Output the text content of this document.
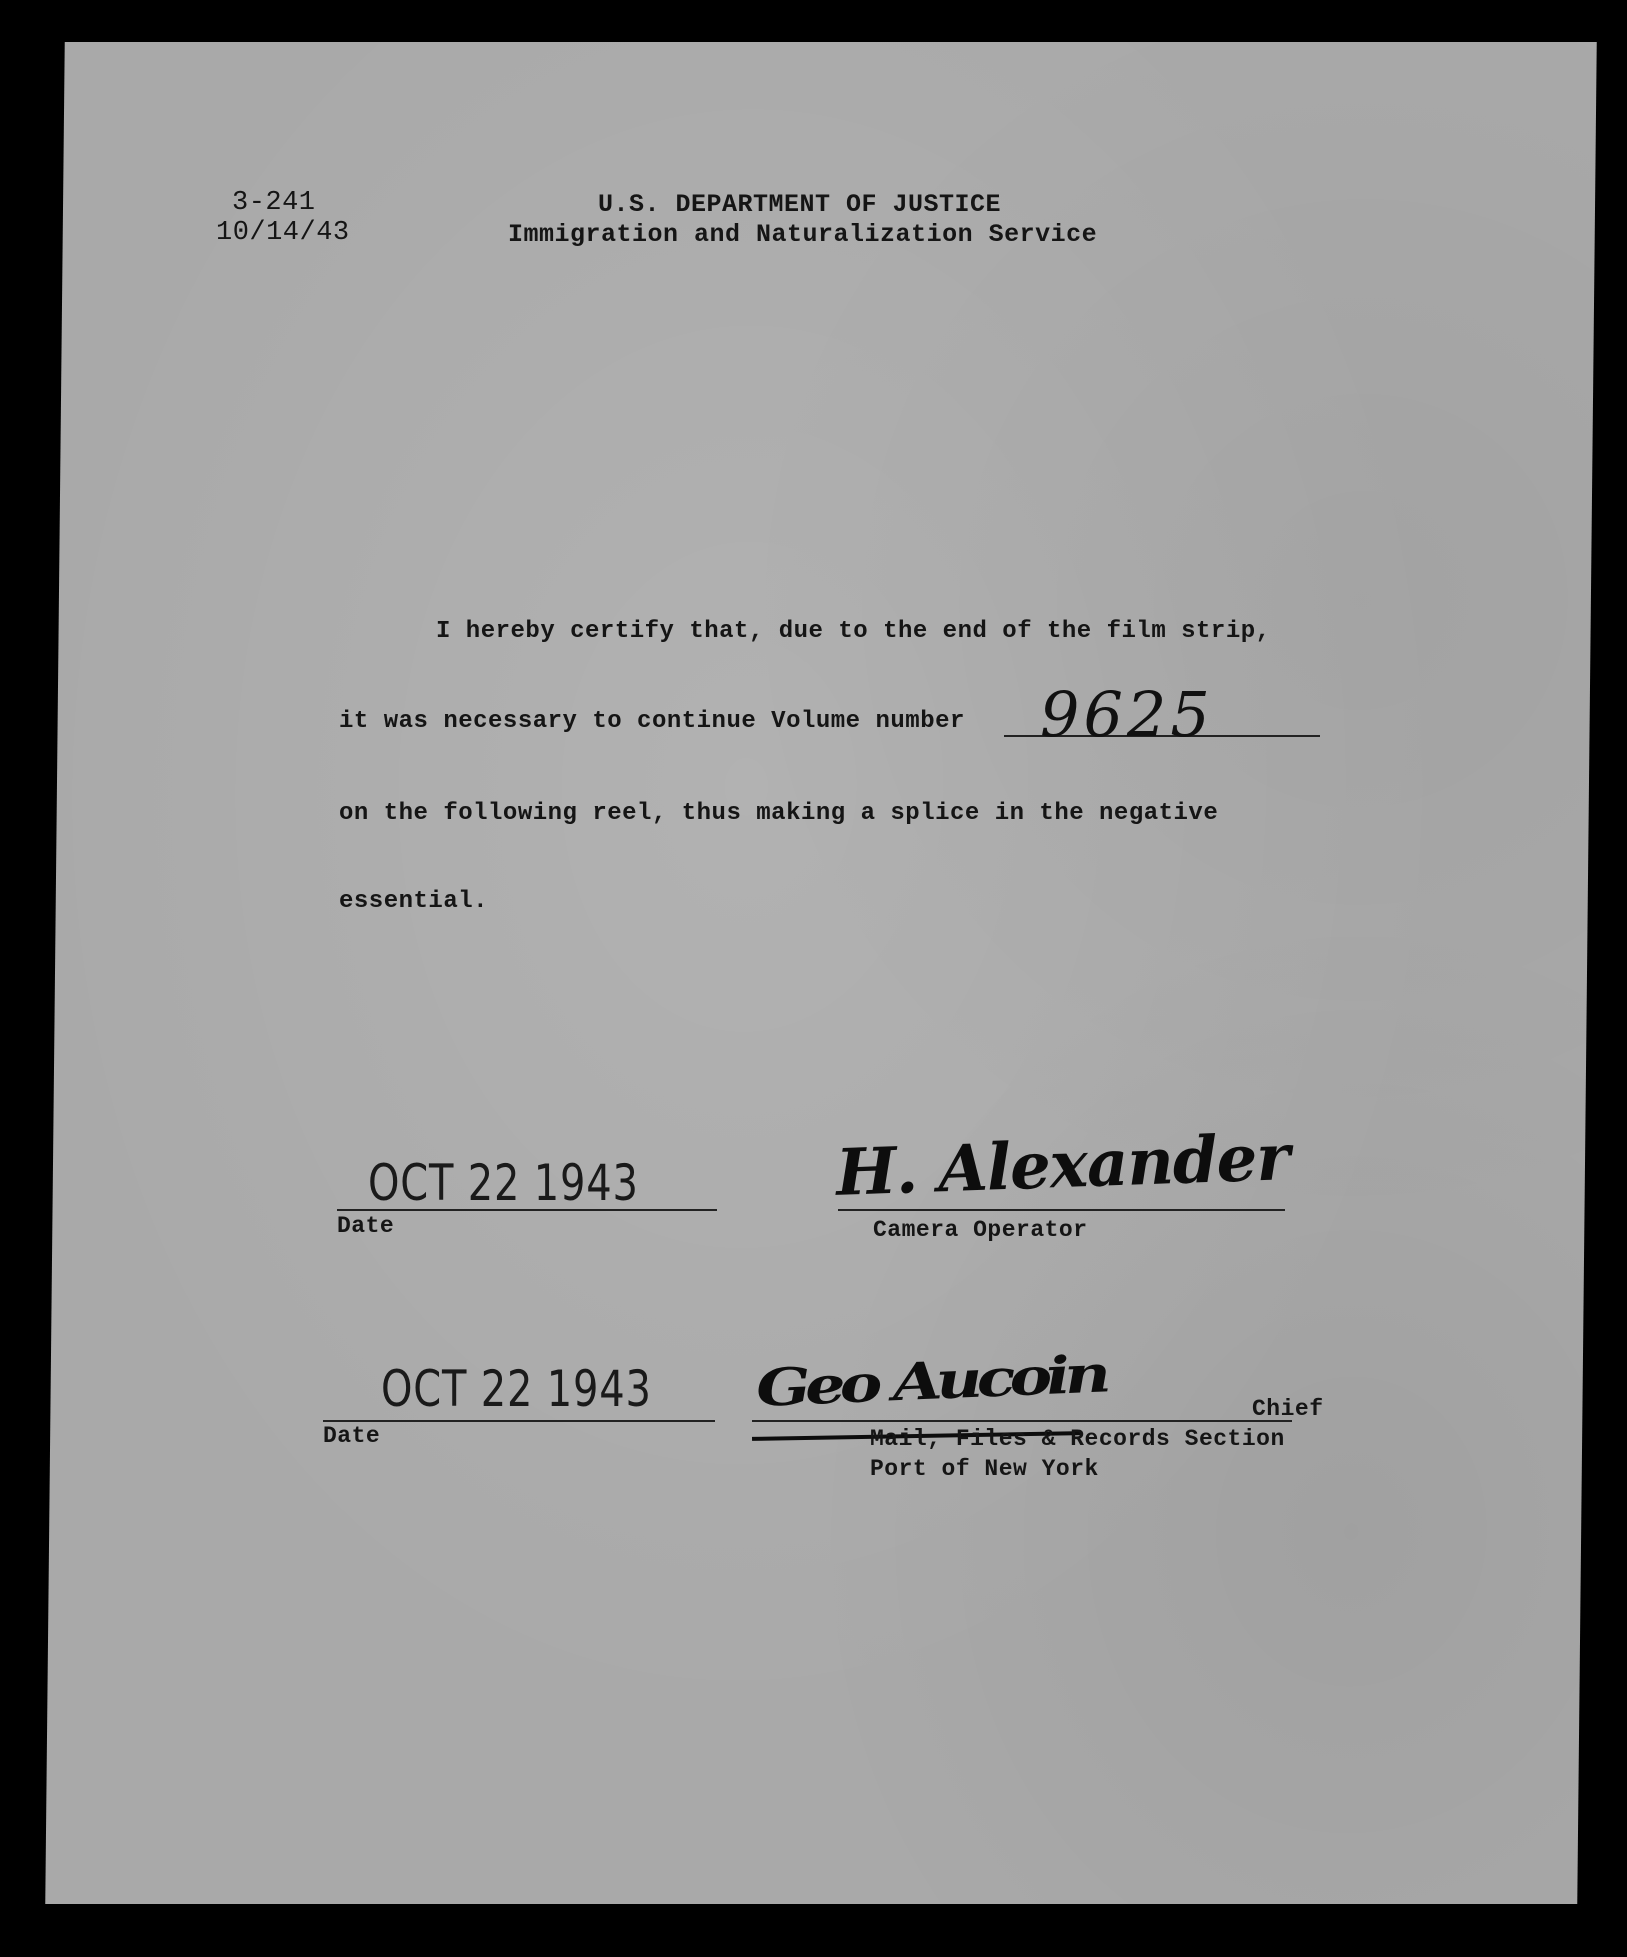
3-241
10/14/43
U.S. DEPARTMENT OF JUSTICE
Immigration and Naturalization Service
I hereby certify that, due to the end of the film strip,
it was necessary to continue Volume number 9625
on the following reel, thus making a splice in the negative
essential.
OCT 22 1943
Date
H. Alexander
Camera Operator
OCT 22 1943
Date
Geo Aucoin	Chief
Mail, Files & Records Section
Port of New York
